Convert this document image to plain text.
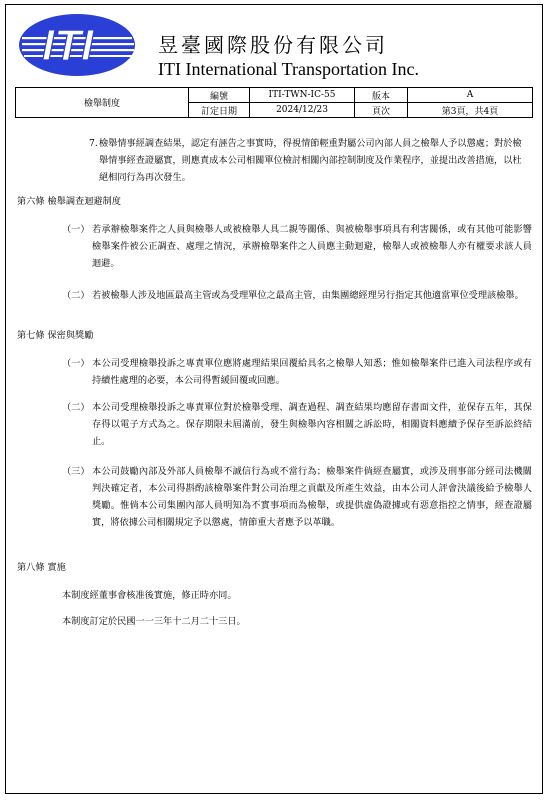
ITI	昱臺國際股份有限公司
ITI International Transportation Inc.
檢舉制度	編號	ITI-TWN-IC-55	版本	A
	訂定日期	2024/12/23	頁次	第3頁，共4頁
7. 檢舉情事經調查結果，認定有誣告之事實時，得視情節輕重對屬公司內部人員之檢舉人予以懲處；對於檢舉情事經查證屬實，則應責成本公司相關單位檢討相關內部控制制度及作業程序，並提出改善措施，以杜絕相同行為再次發生。
第六條 檢舉調查迴避制度
（一） 若承辦檢舉案件之人員與檢舉人或被檢舉人具二親等關係、與被檢舉事項具有利害關係，或有其他可能影響檢舉案件被公正調查、處理之情況，承辦檢舉案件之人員應主動迴避，檢舉人或被檢舉人亦有權要求該人員迴避。
（二） 若被檢舉人涉及地區最高主管或為受理單位之最高主管，由集團總經理另行指定其他適當單位受理該檢舉。
第七條 保密與獎勵
（一） 本公司受理檢舉投訴之專責單位應將處理結果回覆給具名之檢舉人知悉；惟如檢舉案件已進入司法程序或有持續性處理的必要，本公司得暫緩回覆或回應。
（二） 本公司受理檢舉投訴之專責單位對於檢舉受理、調查過程、調查結果均應留存書面文件，並保存五年，其保存得以電子方式為之。保存期限未屆滿前，發生與檢舉內容相關之訴訟時，相關資料應續予保存至訴訟終結止。
（三） 本公司鼓勵內部及外部人員檢舉不誠信行為或不當行為；檢舉案件倘經查屬實，或涉及刑事部分經司法機關判決確定者，本公司得斟酌該檢舉案件對公司治理之貢獻及所產生效益，由本公司人評會決議後給予檢舉人獎勵。惟倘本公司集團內部人員明知為不實事項而為檢舉，或提供虛偽證據或有惡意指控之情事，經查證屬實，將依據公司相關規定予以懲處，情節重大者應予以革職。
第八條 實施
本制度經董事會核准後實施，修正時亦同。
本制度訂定於民國一一三年十二月二十三日。
